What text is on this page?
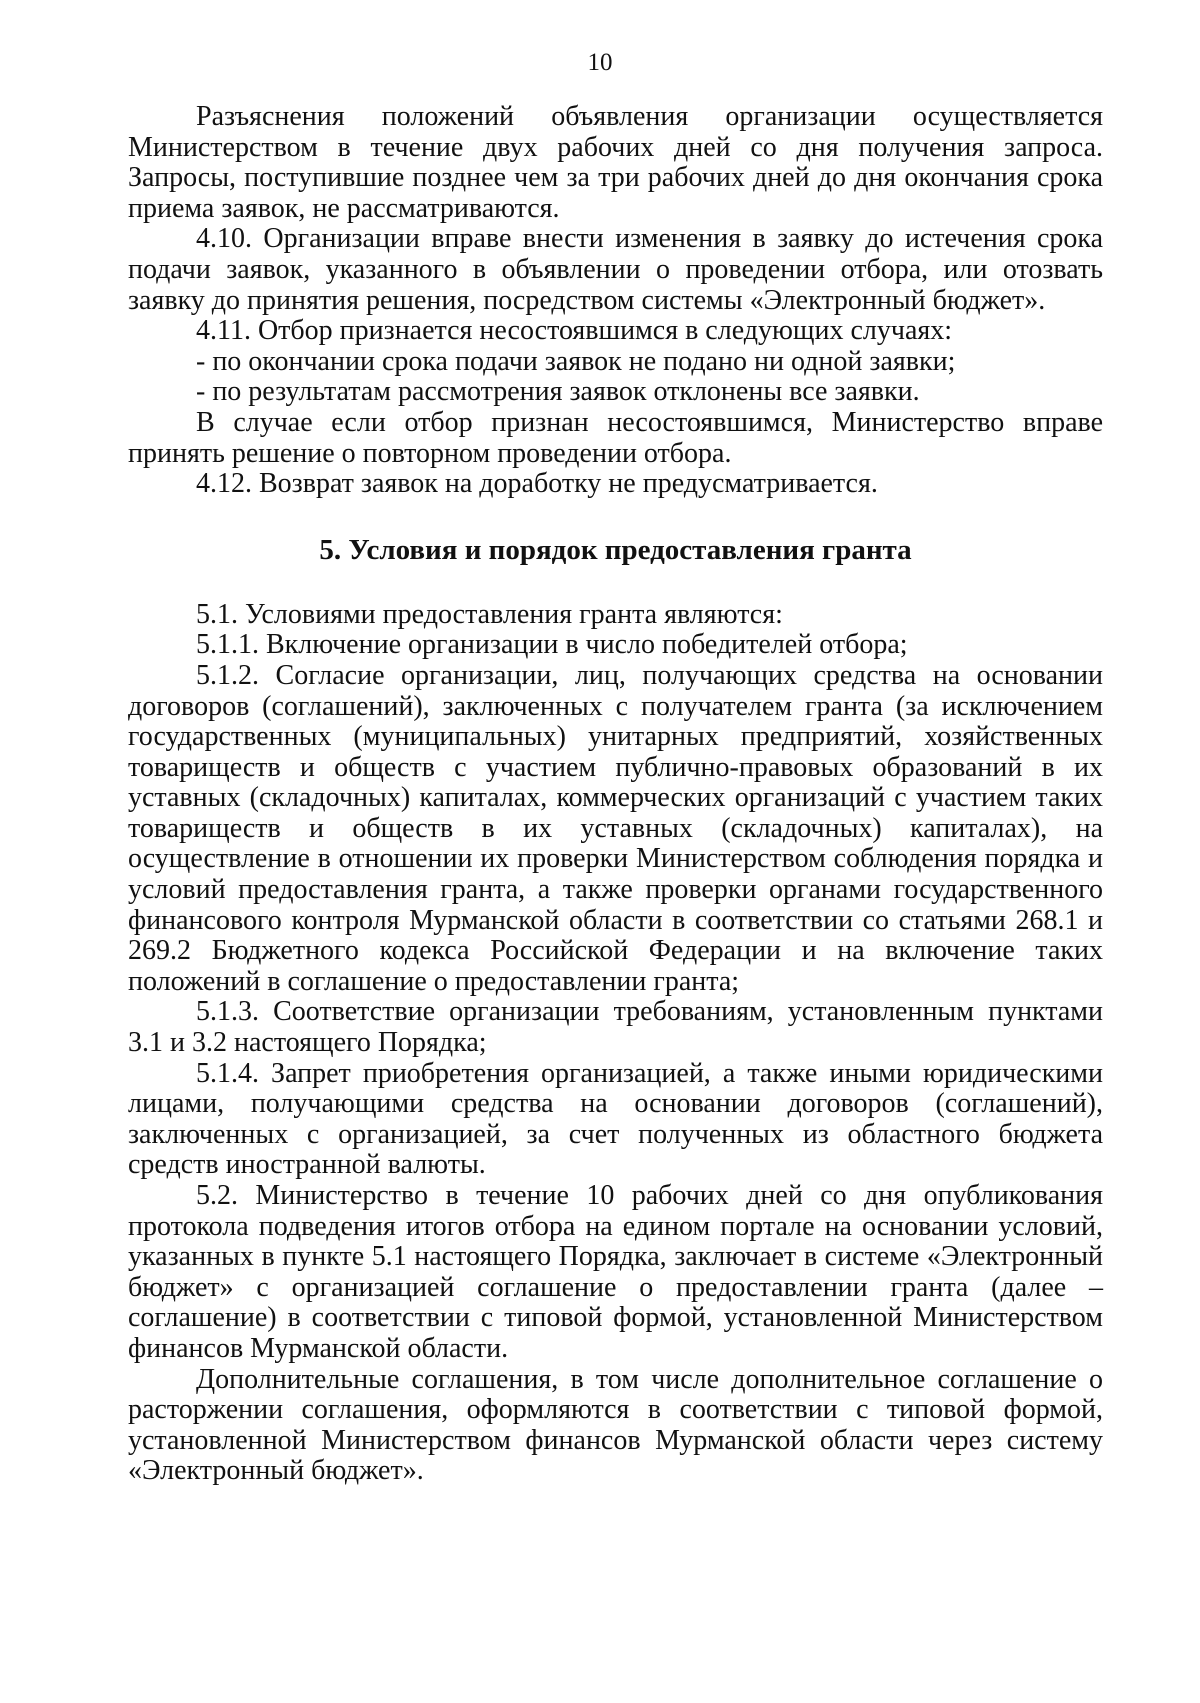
10

Разъяснения положений объявления организации осуществляется Министерством в течение двух рабочих дней со дня получения запроса. Запросы, поступившие позднее чем за три рабочих дней до дня окончания срока приема заявок, не рассматриваются.

4.10. Организации вправе внести изменения в заявку до истечения срока подачи заявок, указанного в объявлении о проведении отбора, или отозвать заявку до принятия решения, посредством системы «Электронный бюджет».

4.11. Отбор признается несостоявшимся в следующих случаях:

- по окончании срока подачи заявок не подано ни одной заявки;

- по результатам рассмотрения заявок отклонены все заявки.

В случае если отбор признан несостоявшимся, Министерство вправе принять решение о повторном проведении отбора.

4.12. Возврат заявок на доработку не предусматривается.

5. Условия и порядок предоставления гранта

5.1. Условиями предоставления гранта являются:

5.1.1. Включение организации в число победителей отбора;

5.1.2. Согласие организации, лиц, получающих средства на основании договоров (соглашений), заключенных с получателем гранта (за исключением государственных (муниципальных) унитарных предприятий, хозяйственных товариществ и обществ с участием публично-правовых образований в их уставных (складочных) капиталах, коммерческих организаций с участием таких товариществ и обществ в их уставных (складочных) капиталах), на осуществление в отношении их проверки Министерством соблюдения порядка и условий предоставления гранта, а также проверки органами государственного финансового контроля Мурманской области в соответствии со статьями 268.1 и 269.2 Бюджетного кодекса Российской Федерации и на включение таких положений в соглашение о предоставлении гранта;

5.1.3. Соответствие организации требованиям, установленным пунктами 3.1 и 3.2 настоящего Порядка;

5.1.4. Запрет приобретения организацией, а также иными юридическими лицами, получающими средства на основании договоров (соглашений), заключенных с организацией, за счет полученных из областного бюджета средств иностранной валюты.

5.2. Министерство в течение 10 рабочих дней со дня опубликования протокола подведения итогов отбора на едином портале на основании условий, указанных в пункте 5.1 настоящего Порядка, заключает в системе «Электронный бюджет» с организацией соглашение о предоставлении гранта (далее – соглашение) в соответствии с типовой формой, установленной Министерством финансов Мурманской области.

Дополнительные соглашения, в том числе дополнительное соглашение о расторжении соглашения, оформляются в соответствии с типовой формой, установленной Министерством финансов Мурманской области через систему «Электронный бюджет».
